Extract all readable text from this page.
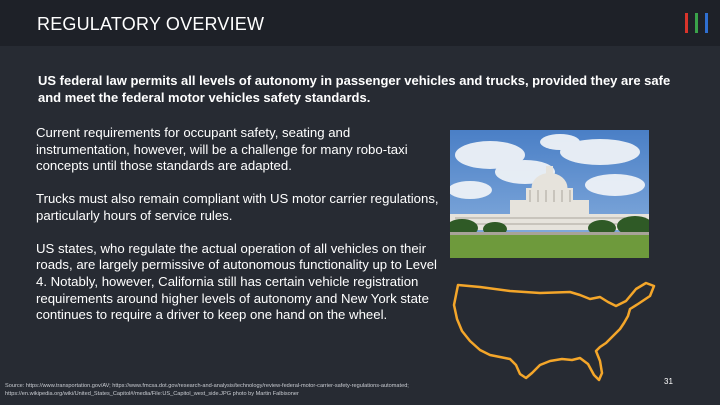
REGULATORY OVERVIEW
US federal law permits all levels of autonomy in passenger vehicles and trucks, provided they are safe and meet the federal motor vehicles safety standards.

Current requirements for occupant safety, seating and instrumentation, however, will be a challenge for many robo-taxi concepts until those standards are adapted.

Trucks must also remain compliant with US motor carrier regulations, particularly hours of service rules.

US states, who regulate the actual operation of all vehicles on their roads, are largely permissive of autonomous functionality up to Level 4. Notably, however, California still has certain vehicle registration requirements around higher levels of autonomy and New York state continues to require a driver to keep one hand on the wheel.

31
Source: https://www.transportation.gov/AV; https://www.fmcsa.dot.gov/research-and-analysis/technology/review-federal-motor-carrier-safety-regulations-automated; https://en.wikipedia.org/wiki/United_States_Capitol#/media/File:US_Capitol_west_side.JPG photo by Martin Falbisoner
